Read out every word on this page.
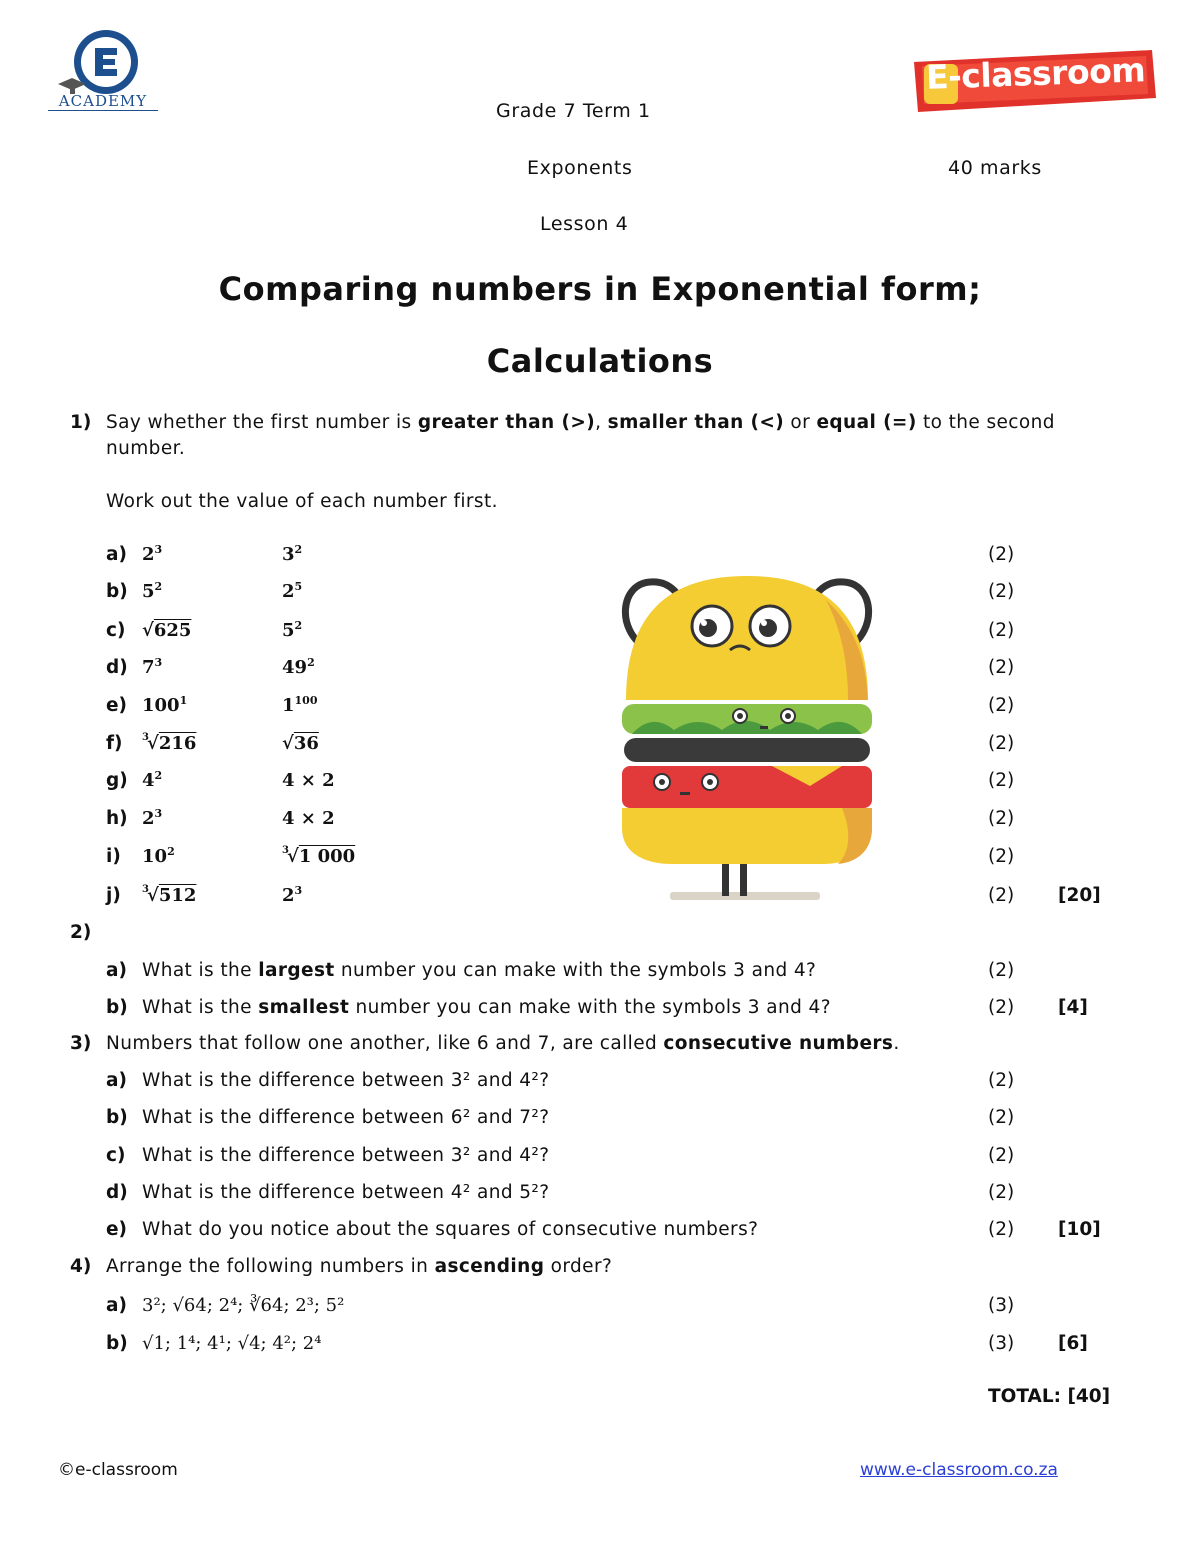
ACADEMY
E-classroom
Grade 7 Term 1
Exponents	40 marks
Lesson 4
Comparing numbers in Exponential form;
Calculations
1) Say whether the first number is greater than (>), smaller than (<) or equal (=) to the second
number.
Work out the value of each number first.
a) $2^3$	$3^2$	(2)
b) $5^2$	$2^5$	(2)
c) √625	$5^2$	(2)
d) $7^3$	$49^2$	(2)
e) $100^1$	$1^{100}$	(2)
f) $^3$√216	√36	(2)
g) $4^2$	4 × 2	(2)
h) $2^3$	4 × 2	(2)
i) $10^2$	$^3$√1 000	(2)
j) $^3$√512	$2^3$	(2) [20]
2)
a) What is the largest number you can make with the symbols 3 and 4?	(2)
b) What is the smallest number you can make with the symbols 3 and 4?	(2) [4]
3) Numbers that follow one another, like 6 and 7, are called consecutive numbers.
a) What is the difference between 3² and 4²?	(2)
b) What is the difference between 6² and 7²?	(2)
c) What is the difference between 3² and 4²?	(2)
d) What is the difference between 4² and 5²?	(2)
e) What do you notice about the squares of consecutive numbers?	(2) [10]
4) Arrange the following numbers in ascending order?
a) 3²; √64; 2⁴; ∛64; 2³; 5²	(3)
b) √1; 1⁴; 4¹; √4; 4²; 2⁴	(3) [6]
TOTAL: [40]
©e-classroom	www.e-classroom.co.za
